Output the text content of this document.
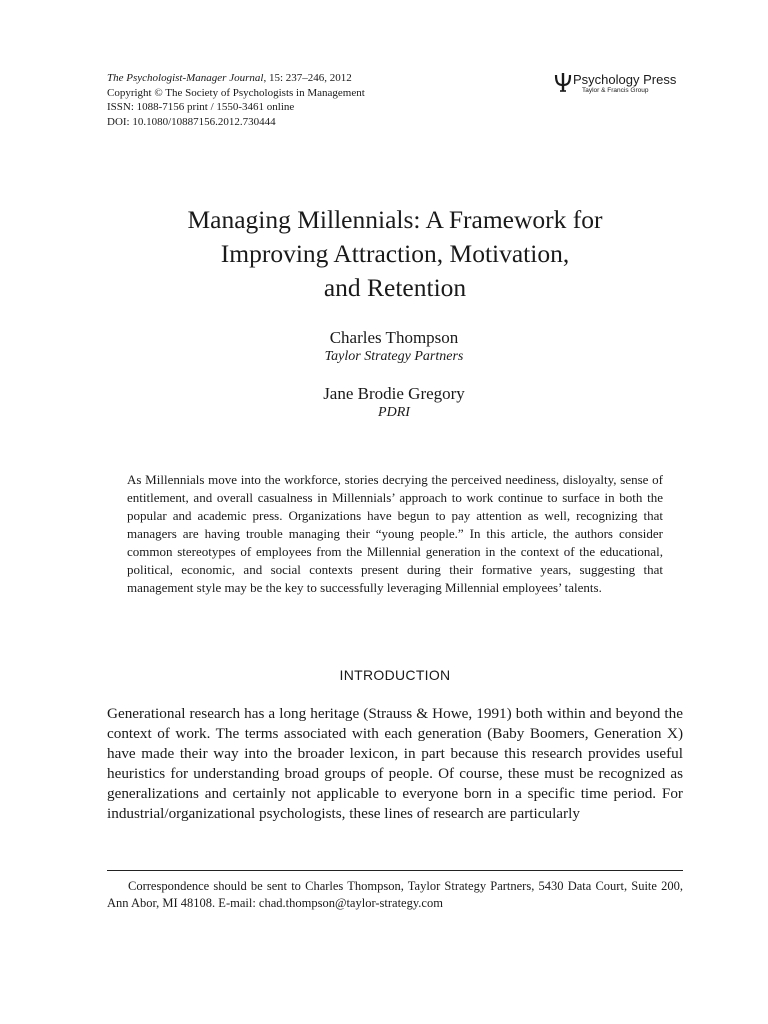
The Psychologist-Manager Journal, 15: 237–246, 2012
Copyright © The Society of Psychologists in Management
ISSN: 1088-7156 print / 1550-3461 online
DOI: 10.1080/10887156.2012.730444
Psychology Press
Taylor & Francis Group
Managing Millennials: A Framework for
Improving Attraction, Motivation,
and Retention
Charles Thompson
Taylor Strategy Partners
Jane Brodie Gregory
PDRI

As Millennials move into the workforce, stories decrying the perceived neediness, disloyalty, sense of entitlement, and overall casualness in Millennials’ approach to work continue to surface in both the popular and academic press. Organizations have begun to pay attention as well, recognizing that managers are having trouble managing their “young people.” In this article, the authors consider common stereotypes of employees from the Millennial generation in the context of the educational, political, economic, and social contexts present during their formative years, suggesting that management style may be the key to successfully leveraging Millennial employees’ talents.

INTRODUCTION

Generational research has a long heritage (Strauss & Howe, 1991) both within and beyond the context of work. The terms associated with each generation (Baby Boomers, Generation X) have made their way into the broader lexicon, in part because this research provides useful heuristics for understanding broad groups of people. Of course, these must be recognized as generalizations and certainly not applicable to everyone born in a specific time period. For industrial/organizational psychologists, these lines of research are particularly

Correspondence should be sent to Charles Thompson, Taylor Strategy Partners, 5430 Data Court, Suite 200, Ann Abor, MI 48108. E-mail: chad.thompson@taylor-strategy.com
